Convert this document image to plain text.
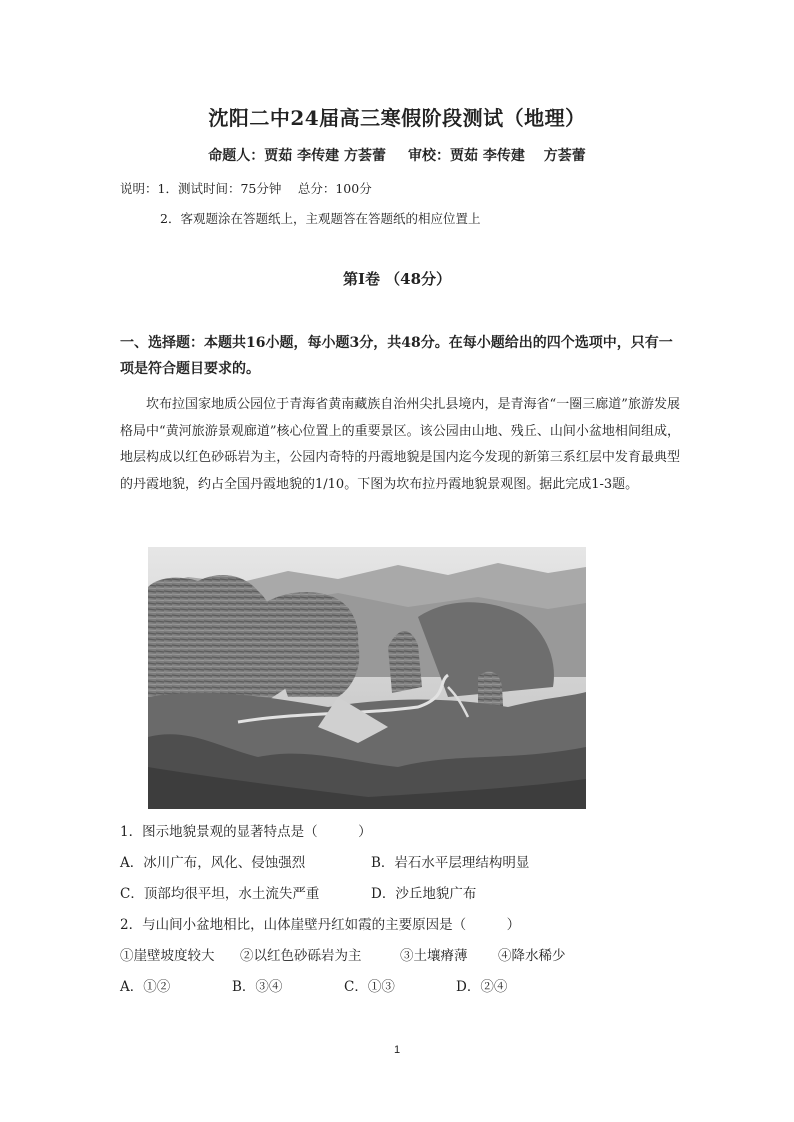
沈阳二中24届高三寒假阶段测试（地理）
命题人：贾茹 李传建 方荟蕾 审校：贾茹 李传建　 方荟蕾
说明：1．测试时间：75分钟　 总分：100分
2．客观题涂在答题纸上，主观题答在答题纸的相应位置上
第Ⅰ卷 （48分）
一、选择题：本题共16小题，每小题3分，共48分。在每小题给出的四个选项中，只有一项是符合题目要求的。

坎布拉国家地质公园位于青海省黄南藏族自治州尖扎县境内，是青海省“一圈三廊道”旅游发展格局中“黄河旅游景观廊道”核心位置上的重要景区。该公园由山地、残丘、山间小盆地相间组成，地层构成以红色砂砾岩为主，公园内奇特的丹霞地貌是国内迄今发现的新第三系红层中发育最典型的丹霞地貌，约占全国丹霞地貌的1/10。下图为坎布拉丹霞地貌景观图。据此完成1-3题。

1．图示地貌景观的显著特点是（　　　）
A．冰川广布，风化、侵蚀强烈	B．岩石水平层理结构明显
C．顶部均很平坦，水土流失严重	D．沙丘地貌广布
2．与山间小盆地相比，山体崖壁丹红如霞的主要原因是（　　　）
①崖壁坡度较大 ②以红色砂砾岩为主	③土壤瘠薄 ④降水稀少
A．①②	B．③④	C．①③	D．②④
1
